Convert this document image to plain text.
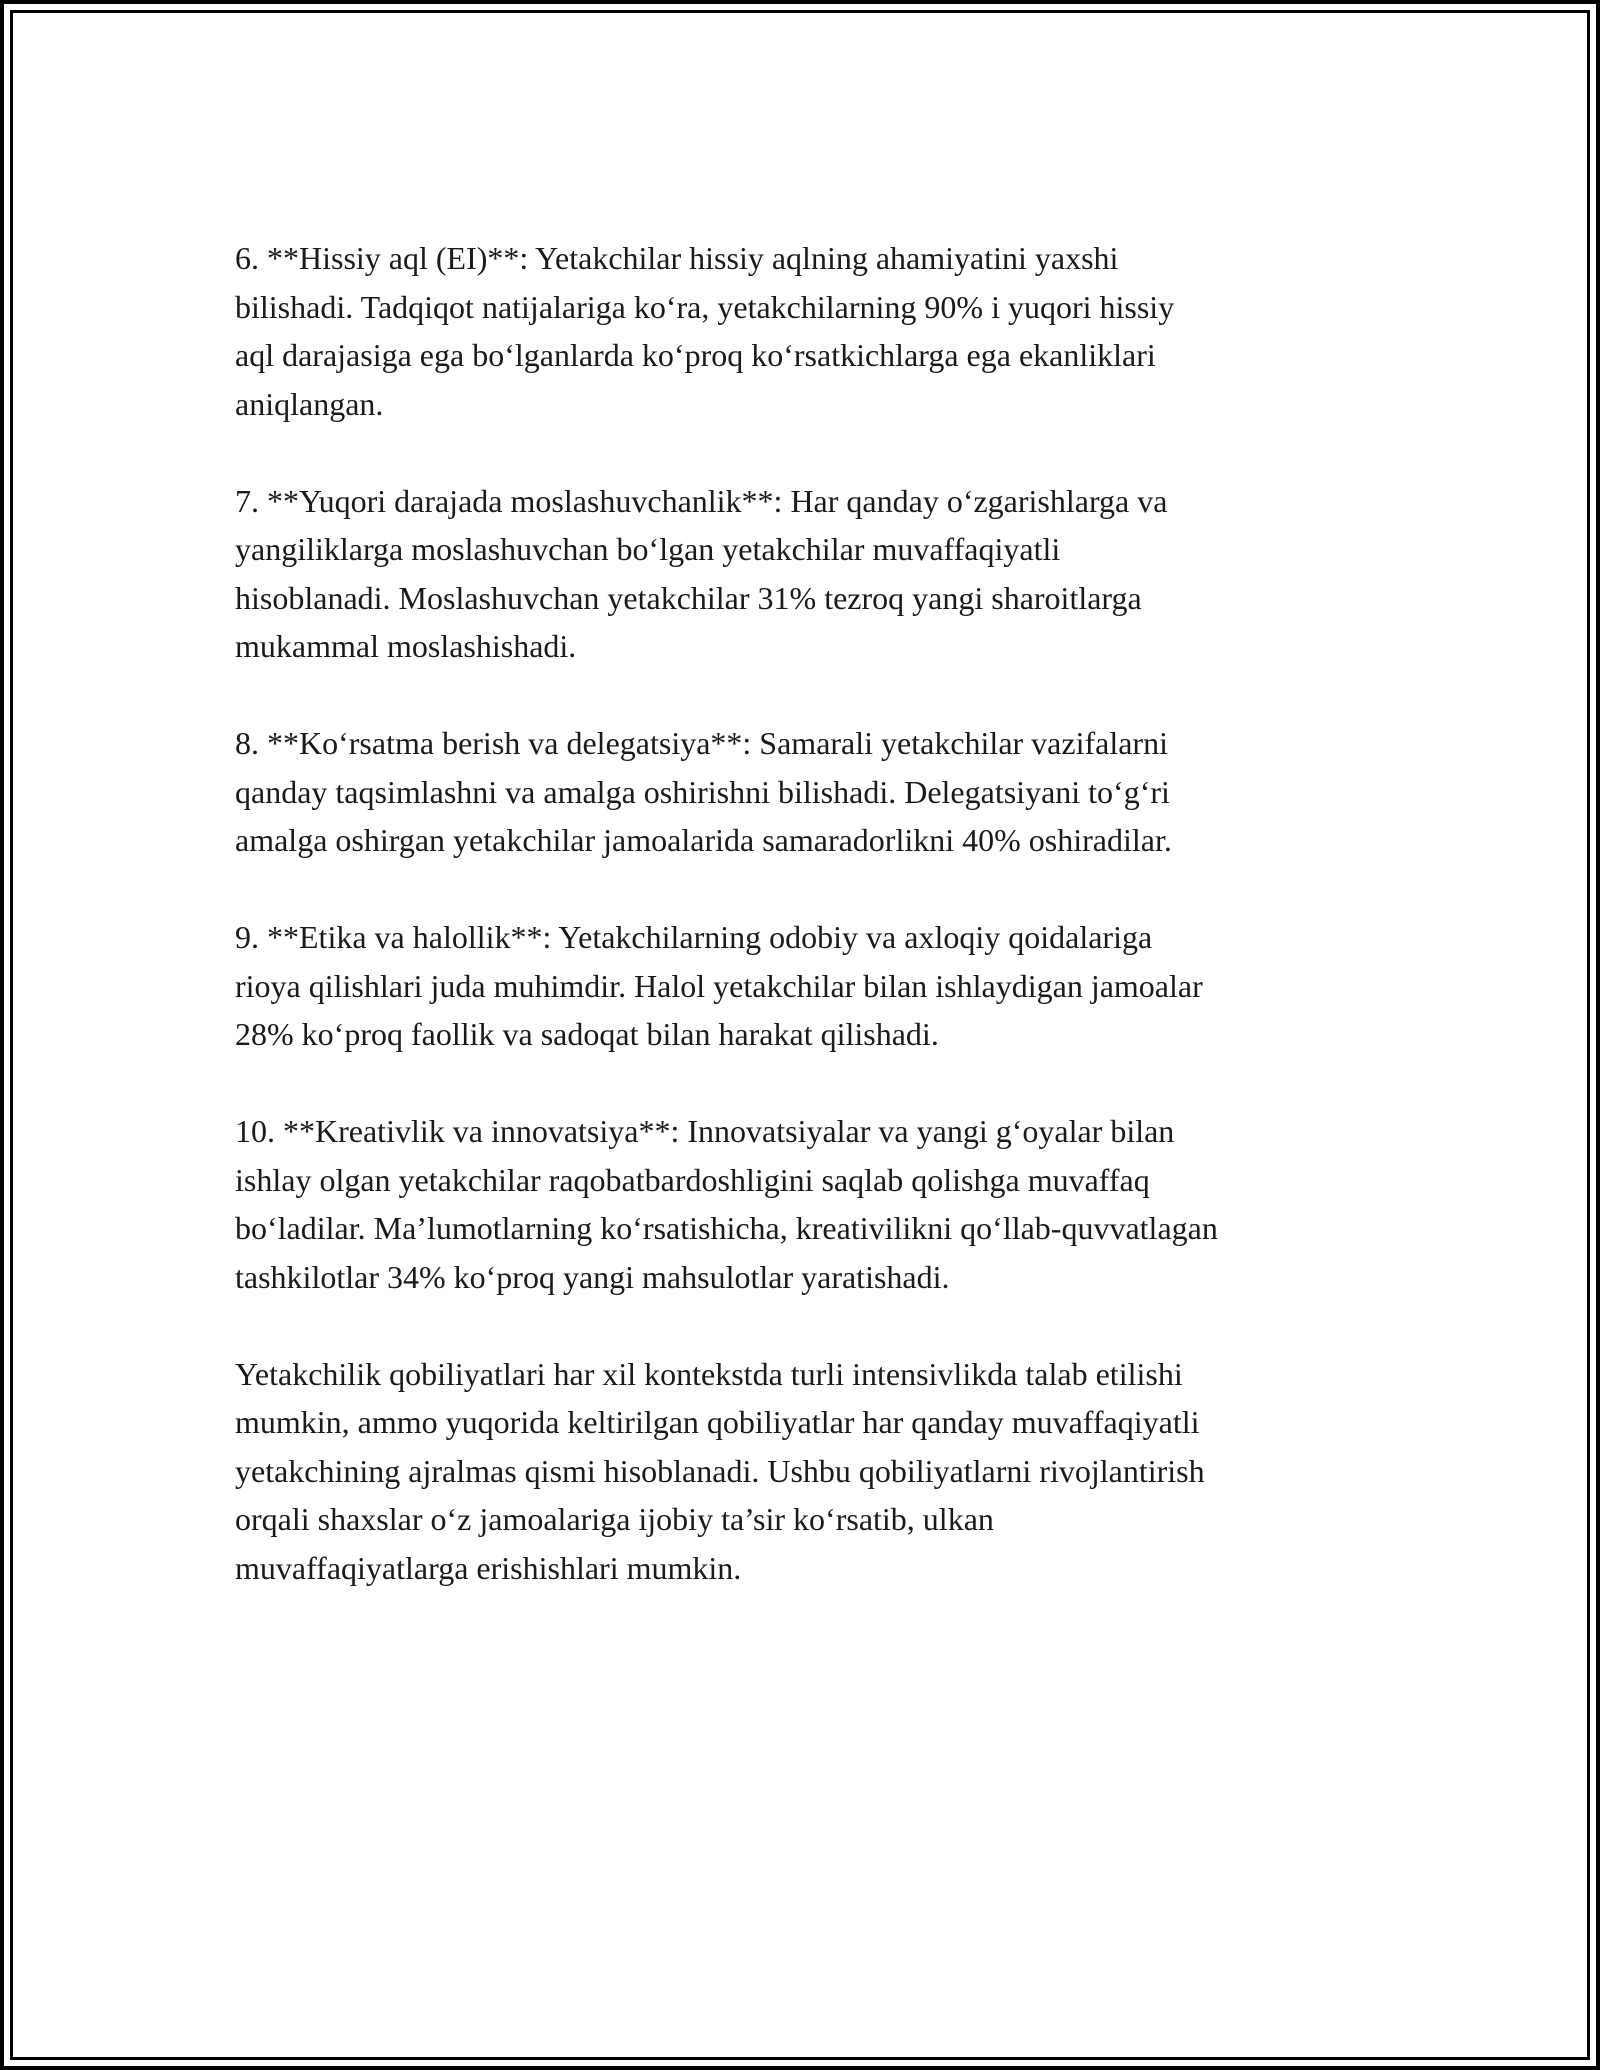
6. **Hissiy aql (EI)**: Yetakchilar hissiy aqlning ahamiyatini yaxshi
bilishadi. Tadqiqot natijalariga ko‘ra, yetakchilarning 90% i yuqori hissiy
aql darajasiga ega bo‘lganlarda ko‘proq ko‘rsatkichlarga ega ekanliklari
aniqlangan.

7. **Yuqori darajada moslashuvchanlik**: Har qanday o‘zgarishlarga va
yangiliklarga moslashuvchan bo‘lgan yetakchilar muvaffaqiyatli
hisoblanadi. Moslashuvchan yetakchilar 31% tezroq yangi sharoitlarga
mukammal moslashishadi.

8. **Ko‘rsatma berish va delegatsiya**: Samarali yetakchilar vazifalarni
qanday taqsimlashni va amalga oshirishni bilishadi. Delegatsiyani to‘g‘ri
amalga oshirgan yetakchilar jamoalarida samaradorlikni 40% oshiradilar.

9. **Etika va halollik**: Yetakchilarning odobiy va axloqiy qoidalariga
rioya qilishlari juda muhimdir. Halol yetakchilar bilan ishlaydigan jamoalar
28% ko‘proq faollik va sadoqat bilan harakat qilishadi.

10. **Kreativlik va innovatsiya**: Innovatsiyalar va yangi g‘oyalar bilan
ishlay olgan yetakchilar raqobatbardoshligini saqlab qolishga muvaffaq
bo‘ladilar. Ma’lumotlarning ko‘rsatishicha, kreativilikni qo‘llab-quvvatlagan
tashkilotlar 34% ko‘proq yangi mahsulotlar yaratishadi.

Yetakchilik qobiliyatlari har xil kontekstda turli intensivlikda talab etilishi
mumkin, ammo yuqorida keltirilgan qobiliyatlar har qanday muvaffaqiyatli
yetakchining ajralmas qismi hisoblanadi. Ushbu qobiliyatlarni rivojlantirish
orqali shaxslar o‘z jamoalariga ijobiy ta’sir ko‘rsatib, ulkan
muvaffaqiyatlarga erishishlari mumkin.
